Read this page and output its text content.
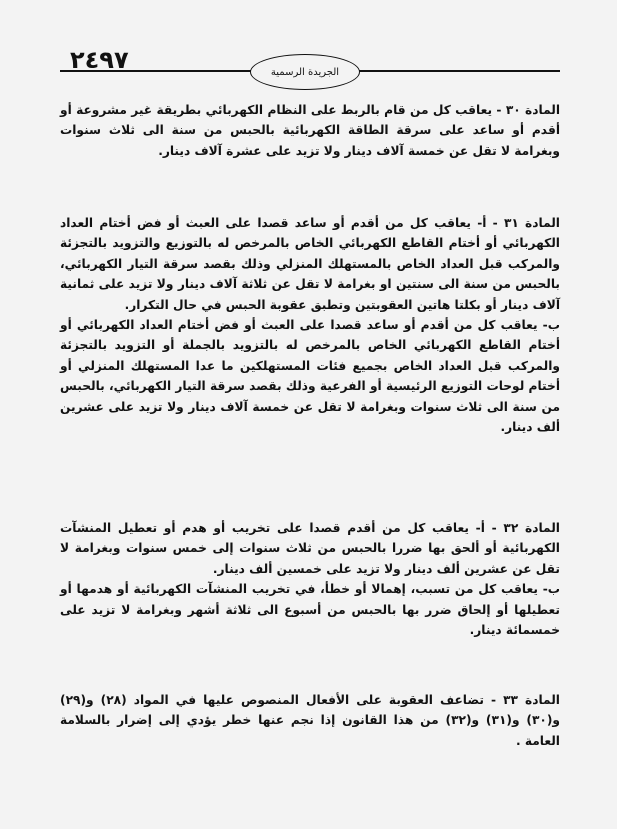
٢٤٩٧	الجريدة الرسمية

المادة ٣٠ - يعاقب كل من قام بالربط على النظام الكهربائي بطريقة غير مشروعة أو أقدم أو ساعد على سرقة الطاقة الكهربائية بالحبس من سنة الى ثلاث سنوات وبغرامة لا تقل عن خمسة آلاف دينار ولا تزيد على عشرة آلاف دينار.

المادة ٣١ - أ- يعاقب كل من أقدم أو ساعد قصدا على العبث أو فض أختام العداد الكهربائي أو أختام القاطع الكهربائي الخاص بالمرخص له بالتوزيع والتزويد بالتجزئة والمركب قبل العداد الخاص بالمستهلك المنزلي وذلك بقصد سرقة التيار الكهربائي، بالحبس من سنة الى سنتين او بغرامة لا تقل عن ثلاثة آلاف دينار ولا تزيد على ثمانية آلاف دينار أو بكلتا هاتين العقوبتين وتطبق عقوبة الحبس في حال التكرار.

ب- يعاقب كل من أقدم أو ساعد قصدا على العبث أو فض أختام العداد الكهربائي أو أختام القاطع الكهربائي الخاص بالمرخص له بالتزويد بالجملة أو التزويد بالتجزئة والمركب قبل العداد الخاص بجميع فئات المستهلكين ما عدا المستهلك المنزلي أو أختام لوحات التوزيع الرئيسية أو الفرعية وذلك بقصد سرقة التيار الكهربائي، بالحبس من سنة الى ثلاث سنوات وبغرامة لا تقل عن خمسة آلاف دينار ولا تزيد على عشرين ألف دينار.

المادة ٣٢ - أ- يعاقب كل من أقدم قصدا على تخريب أو هدم أو تعطيل المنشآت الكهربائية أو ألحق بها ضررا بالحبس من ثلاث سنوات إلى خمس سنوات وبغرامة لا تقل عن عشرين ألف دينار ولا تزيد على خمسين ألف دينار.

ب- يعاقب كل من تسبب، إهمالا أو خطأ، في تخريب المنشآت الكهربائية أو هدمها أو تعطيلها أو إلحاق ضرر بها بالحبس من أسبوع الى ثلاثة أشهر وبغرامة لا تزيد على خمسمائة دينار.

المادة ٣٣ - تضاعف العقوبة على الأفعال المنصوص عليها في المواد (٢٨) و(٢٩) و(٣٠) و(٣١) و(٣٢) من هذا القانون إذا نجم عنها خطر يؤدي إلى إضرار بالسلامة العامة .
